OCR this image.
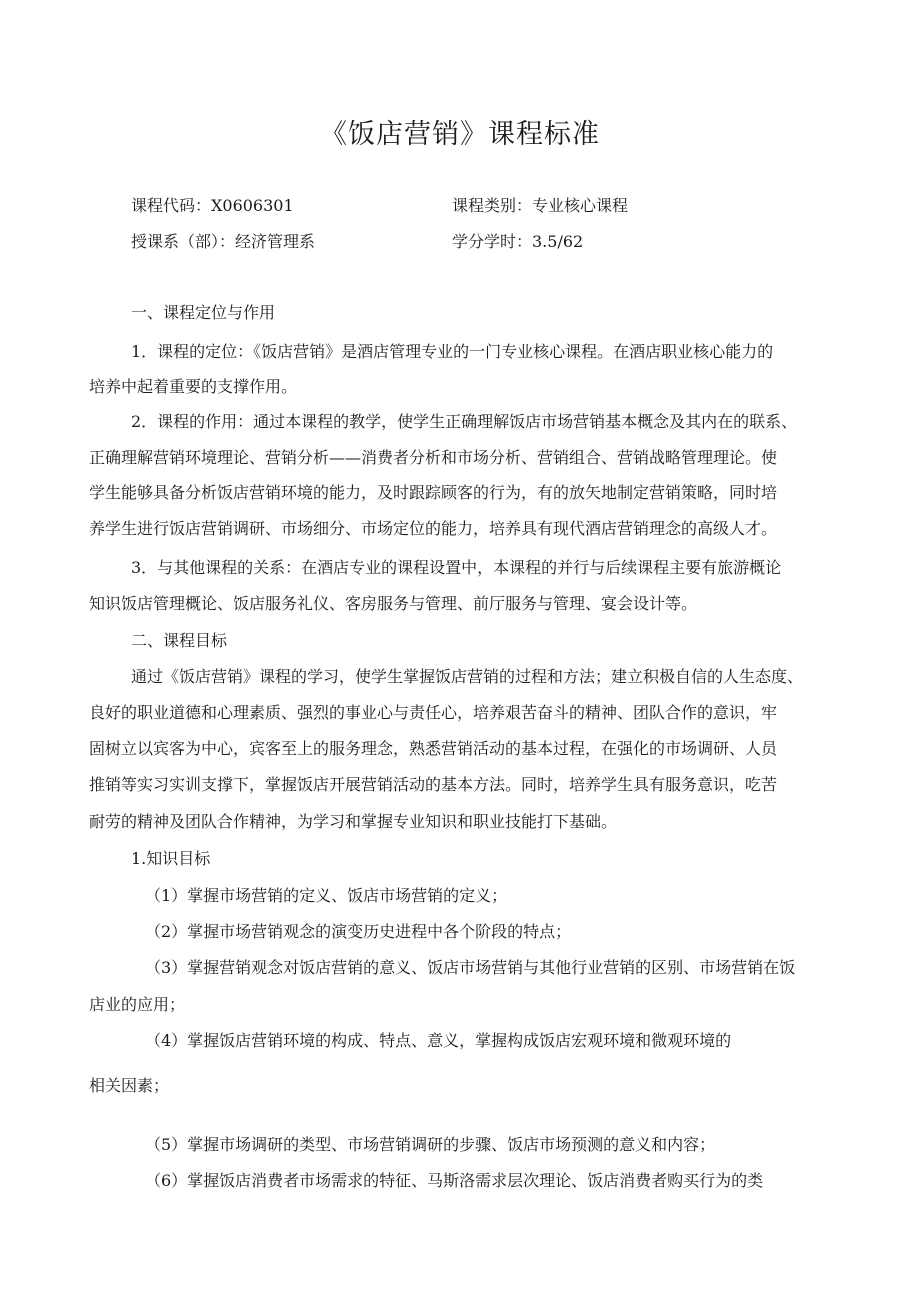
《饭店营销》课程标准
课程代码：X0606301	课程类别：专业核心课程
授课系（部）：经济管理系	学分学时：3.5/62
一、课程定位与作用
1．课程的定位：《饭店营销》是酒店管理专业的一门专业核心课程。在酒店职业核心能力的
培养中起着重要的支撑作用。
2．课程的作用：通过本课程的教学，使学生正确理解饭店市场营销基本概念及其内在的联系、
正确理解营销环境理论、营销分析——消费者分析和市场分析、营销组合、营销战略管理理论。使
学生能够具备分析饭店营销环境的能力，及时跟踪顾客的行为，有的放矢地制定营销策略，同时培
养学生进行饭店营销调研、市场细分、市场定位的能力，培养具有现代酒店营销理念的高级人才。
3．与其他课程的关系：在酒店专业的课程设置中，本课程的并行与后续课程主要有旅游概论
知识饭店管理概论、饭店服务礼仪、客房服务与管理、前厅服务与管理、宴会设计等。
二、课程目标
通过《饭店营销》课程的学习，使学生掌握饭店营销的过程和方法；建立积极自信的人生态度、
良好的职业道德和心理素质、强烈的事业心与责任心，培养艰苦奋斗的精神、团队合作的意识，牢
固树立以宾客为中心，宾客至上的服务理念，熟悉营销活动的基本过程，在强化的市场调研、人员
推销等实习实训支撑下，掌握饭店开展营销活动的基本方法。同时，培养学生具有服务意识，吃苦
耐劳的精神及团队合作精神，为学习和掌握专业知识和职业技能打下基础。
1.知识目标
（1）掌握市场营销的定义、饭店市场营销的定义；
（2）掌握市场营销观念的演变历史进程中各个阶段的特点；
（3）掌握营销观念对饭店营销的意义、饭店市场营销与其他行业营销的区别、市场营销在饭
店业的应用；
（4）掌握饭店营销环境的构成、特点、意义，掌握构成饭店宏观环境和微观环境的
相关因素；
（5）掌握市场调研的类型、市场营销调研的步骤、饭店市场预测的意义和内容；
（6）掌握饭店消费者市场需求的特征、马斯洛需求层次理论、饭店消费者购买行为的类
